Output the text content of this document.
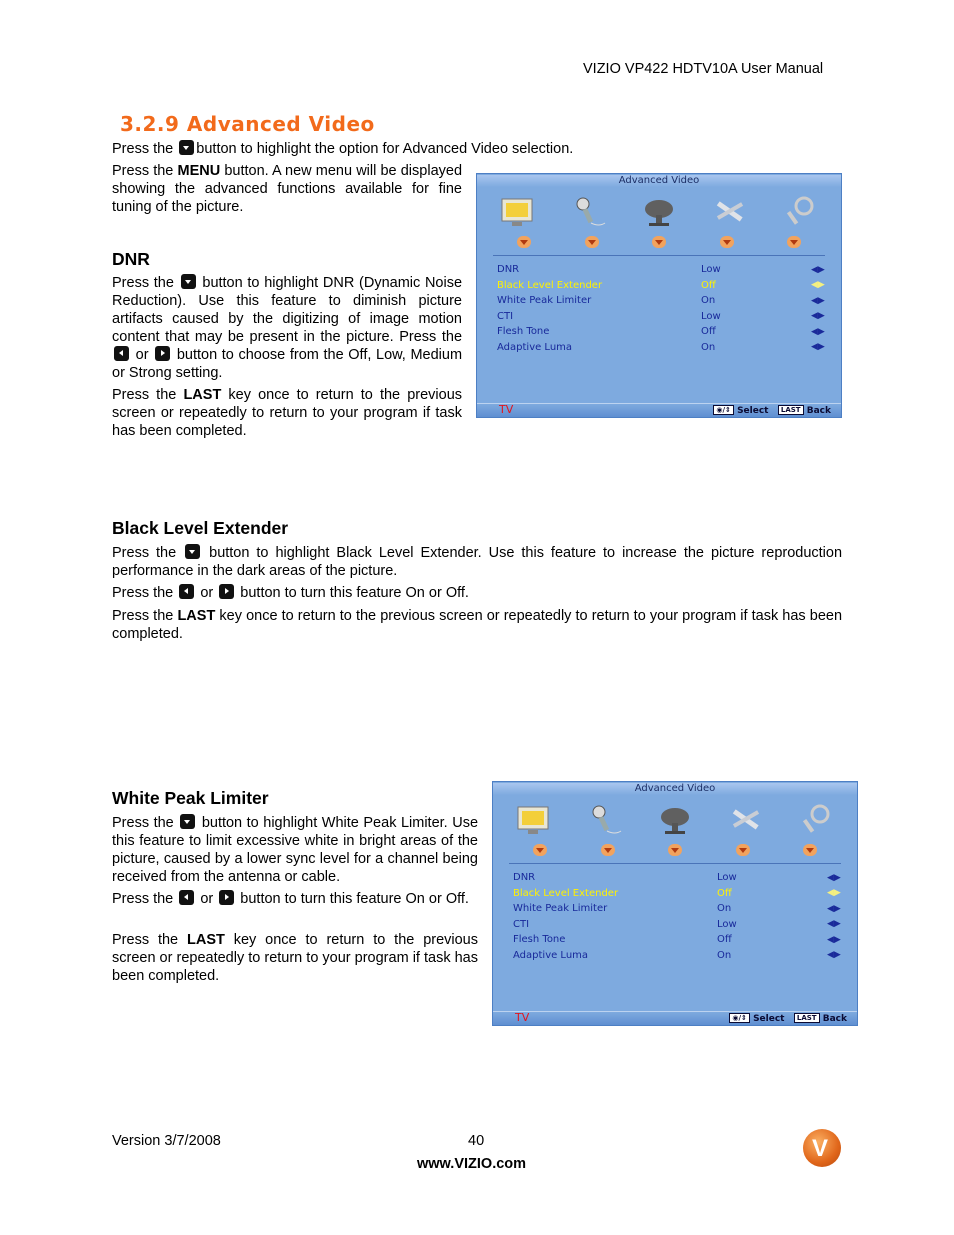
VIZIO VP422 HDTV10A User Manual
3.2.9 Advanced Video
Press the button to highlight the option for Advanced Video selection.
Press the MENU button. A new menu will be displayed showing the advanced functions available for fine tuning of the picture.
DNR
Press the button to highlight DNR (Dynamic Noise Reduction). Use this feature to diminish picture artifacts caused by the digitizing of image motion content that may be present in the picture. Press the  or button to choose from the Off, Low, Medium or Strong setting.
Press the LAST key once to return to the previous screen or repeatedly to return to your program if task has been completed.
Advanced Video
DNR	Low	◀▶
Black Level Extender	Off	◀▶
White Peak Limiter	On	◀▶
CTI	Low	◀▶
Flesh Tone	Off	◀▶
Adaptive Luma	On	◀▶
TV	◉/⇕ Select LAST Back
Black Level Extender
Press the button to highlight Black Level Extender. Use this feature to increase the picture reproduction performance in the dark areas of the picture.
Press the or button to turn this feature On or Off.
Press the LAST key once to return to the previous screen or repeatedly to return to your program if task has been completed.
White Peak Limiter
Press the button to highlight White Peak Limiter. Use this feature to limit excessive white in bright areas of the picture, caused by a lower sync level for a channel being received from the antenna or cable.
Press the or button to turn this feature On or Off.
Press the LAST key once to return to the previous screen or repeatedly to return to your program if task has been completed.
Advanced Video
DNR	Low	◀▶
Black Level Extender	Off	◀▶
White Peak Limiter	On	◀▶
CTI	Low	◀▶
Flesh Tone	Off	◀▶
Adaptive Luma	On	◀▶
TV	◉/⇕ Select LAST Back
Version 3/7/2008	40
www.VIZIO.com
V
